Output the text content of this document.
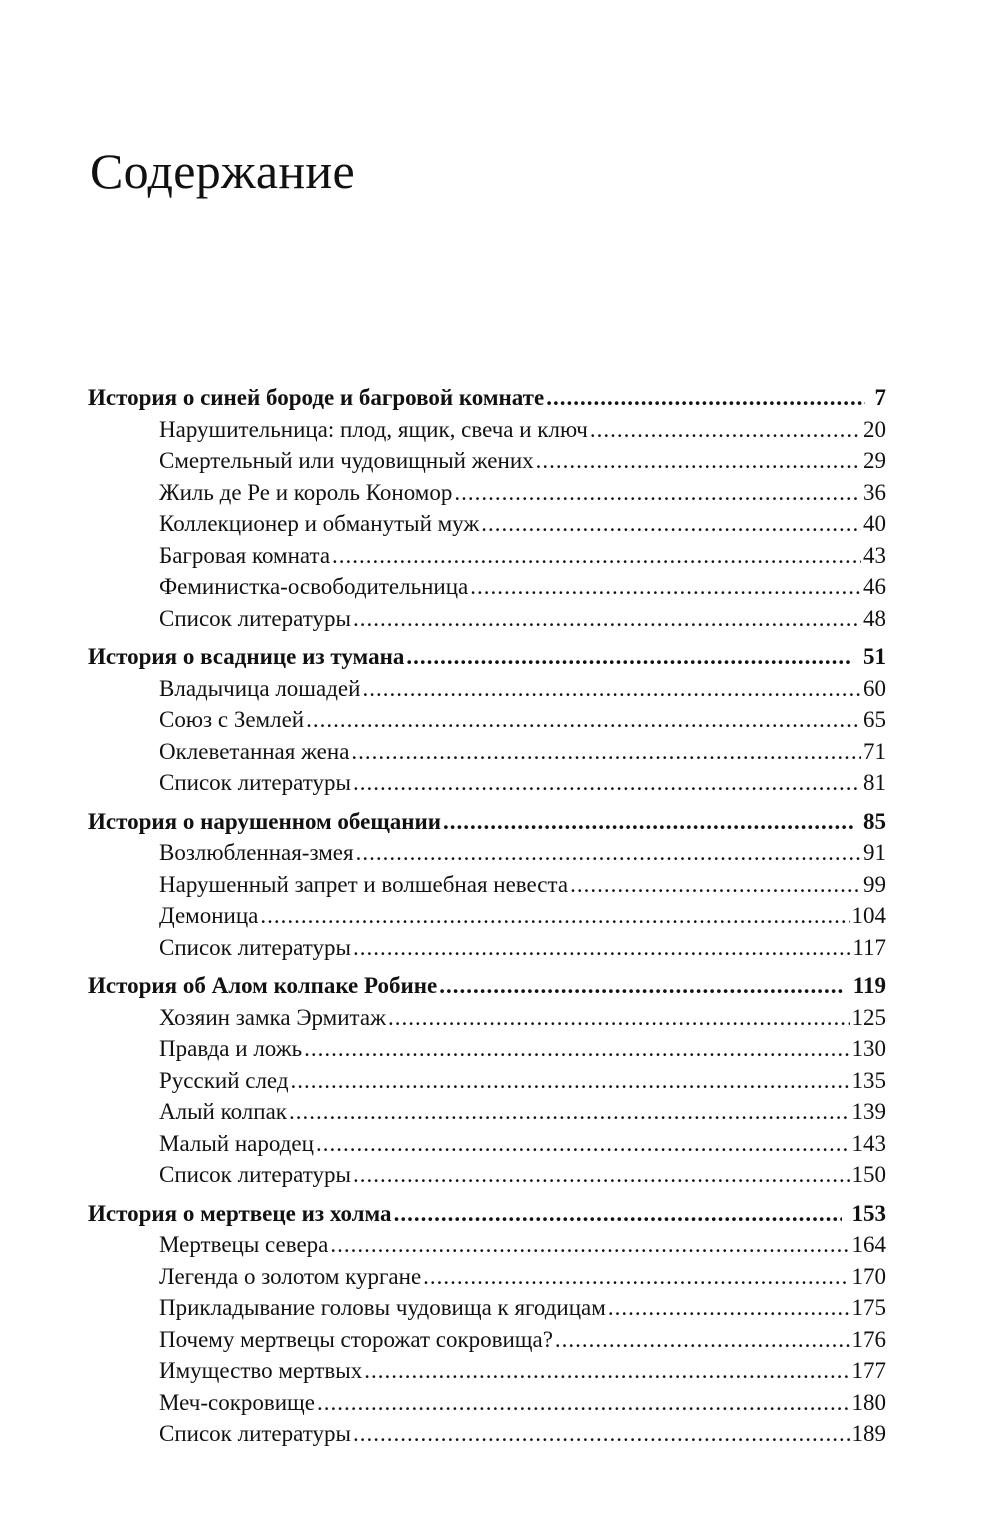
Содержание
История о синей бороде и багровой комнате .....	7
Нарушительница: плод, ящик, свеча и ключ .....	20
Смертельный или чудовищный жених .....	29
Жиль де Ре и король Кономор .....	36
Коллекционер и обманутый муж .....	40
Багровая комната .....	43
Феминистка-освободительница .....	46
Список литературы .....	48
История о всаднице из тумана .....	51
Владычица лошадей .....	60
Союз с Землей .....	65
Оклеветанная жена .....	71
Список литературы .....	81
История о нарушенном обещании .....	85
Возлюбленная-змея .....	91
Нарушенный запрет и волшебная невеста .....	99
Демоница .....	104
Список литературы .....	117
История об Алом колпаке Робине .....	119
Хозяин замка Эрмитаж .....	125
Правда и ложь .....	130
Русский след .....	135
Алый колпак .....	139
Малый народец .....	143
Список литературы .....	150
История о мертвеце из холма .....	153
Мертвецы севера .....	164
Легенда о золотом кургане .....	170
Прикладывание головы чудовища к ягодицам .....	175
Почему мертвецы сторожат сокровища? .....	176
Имущество мертвых .....	177
Меч-сокровище .....	180
Список литературы .....	189
